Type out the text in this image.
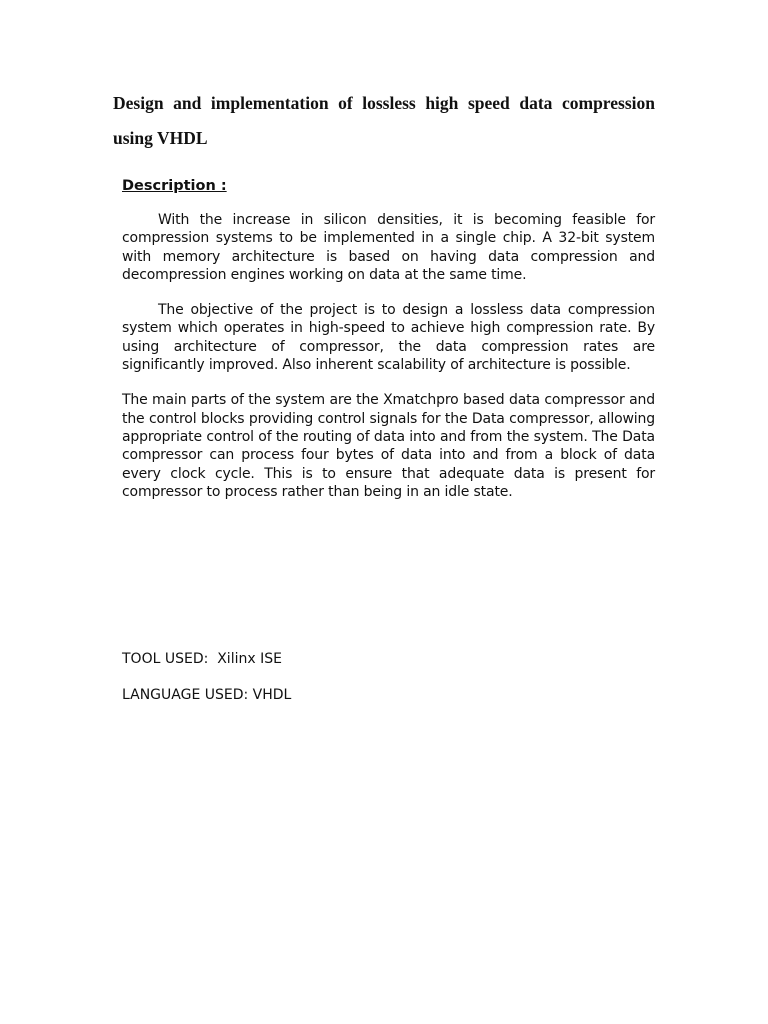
Design and implementation of lossless high speed data compression using VHDL

Description :

With the increase in silicon densities, it is becoming feasible for compression systems to be implemented in a single chip. A 32-bit system with memory architecture is based on having data compression and decompression engines working on data at the same time.

The objective of the project is to design a lossless data compression system which operates in high-speed to achieve high compression rate. By using architecture of compressor, the data compression rates are significantly improved. Also inherent scalability of architecture is possible.

The main parts of the system are the Xmatchpro based data compressor and the control blocks providing control signals for the Data compressor, allowing appropriate control of the routing of data into and from the system. The Data compressor can process four bytes of data into and from a block of data every clock cycle. This is to ensure that adequate data is present for compressor to process rather than being in an idle state.

TOOL USED:  Xilinx ISE

LANGUAGE USED: VHDL
